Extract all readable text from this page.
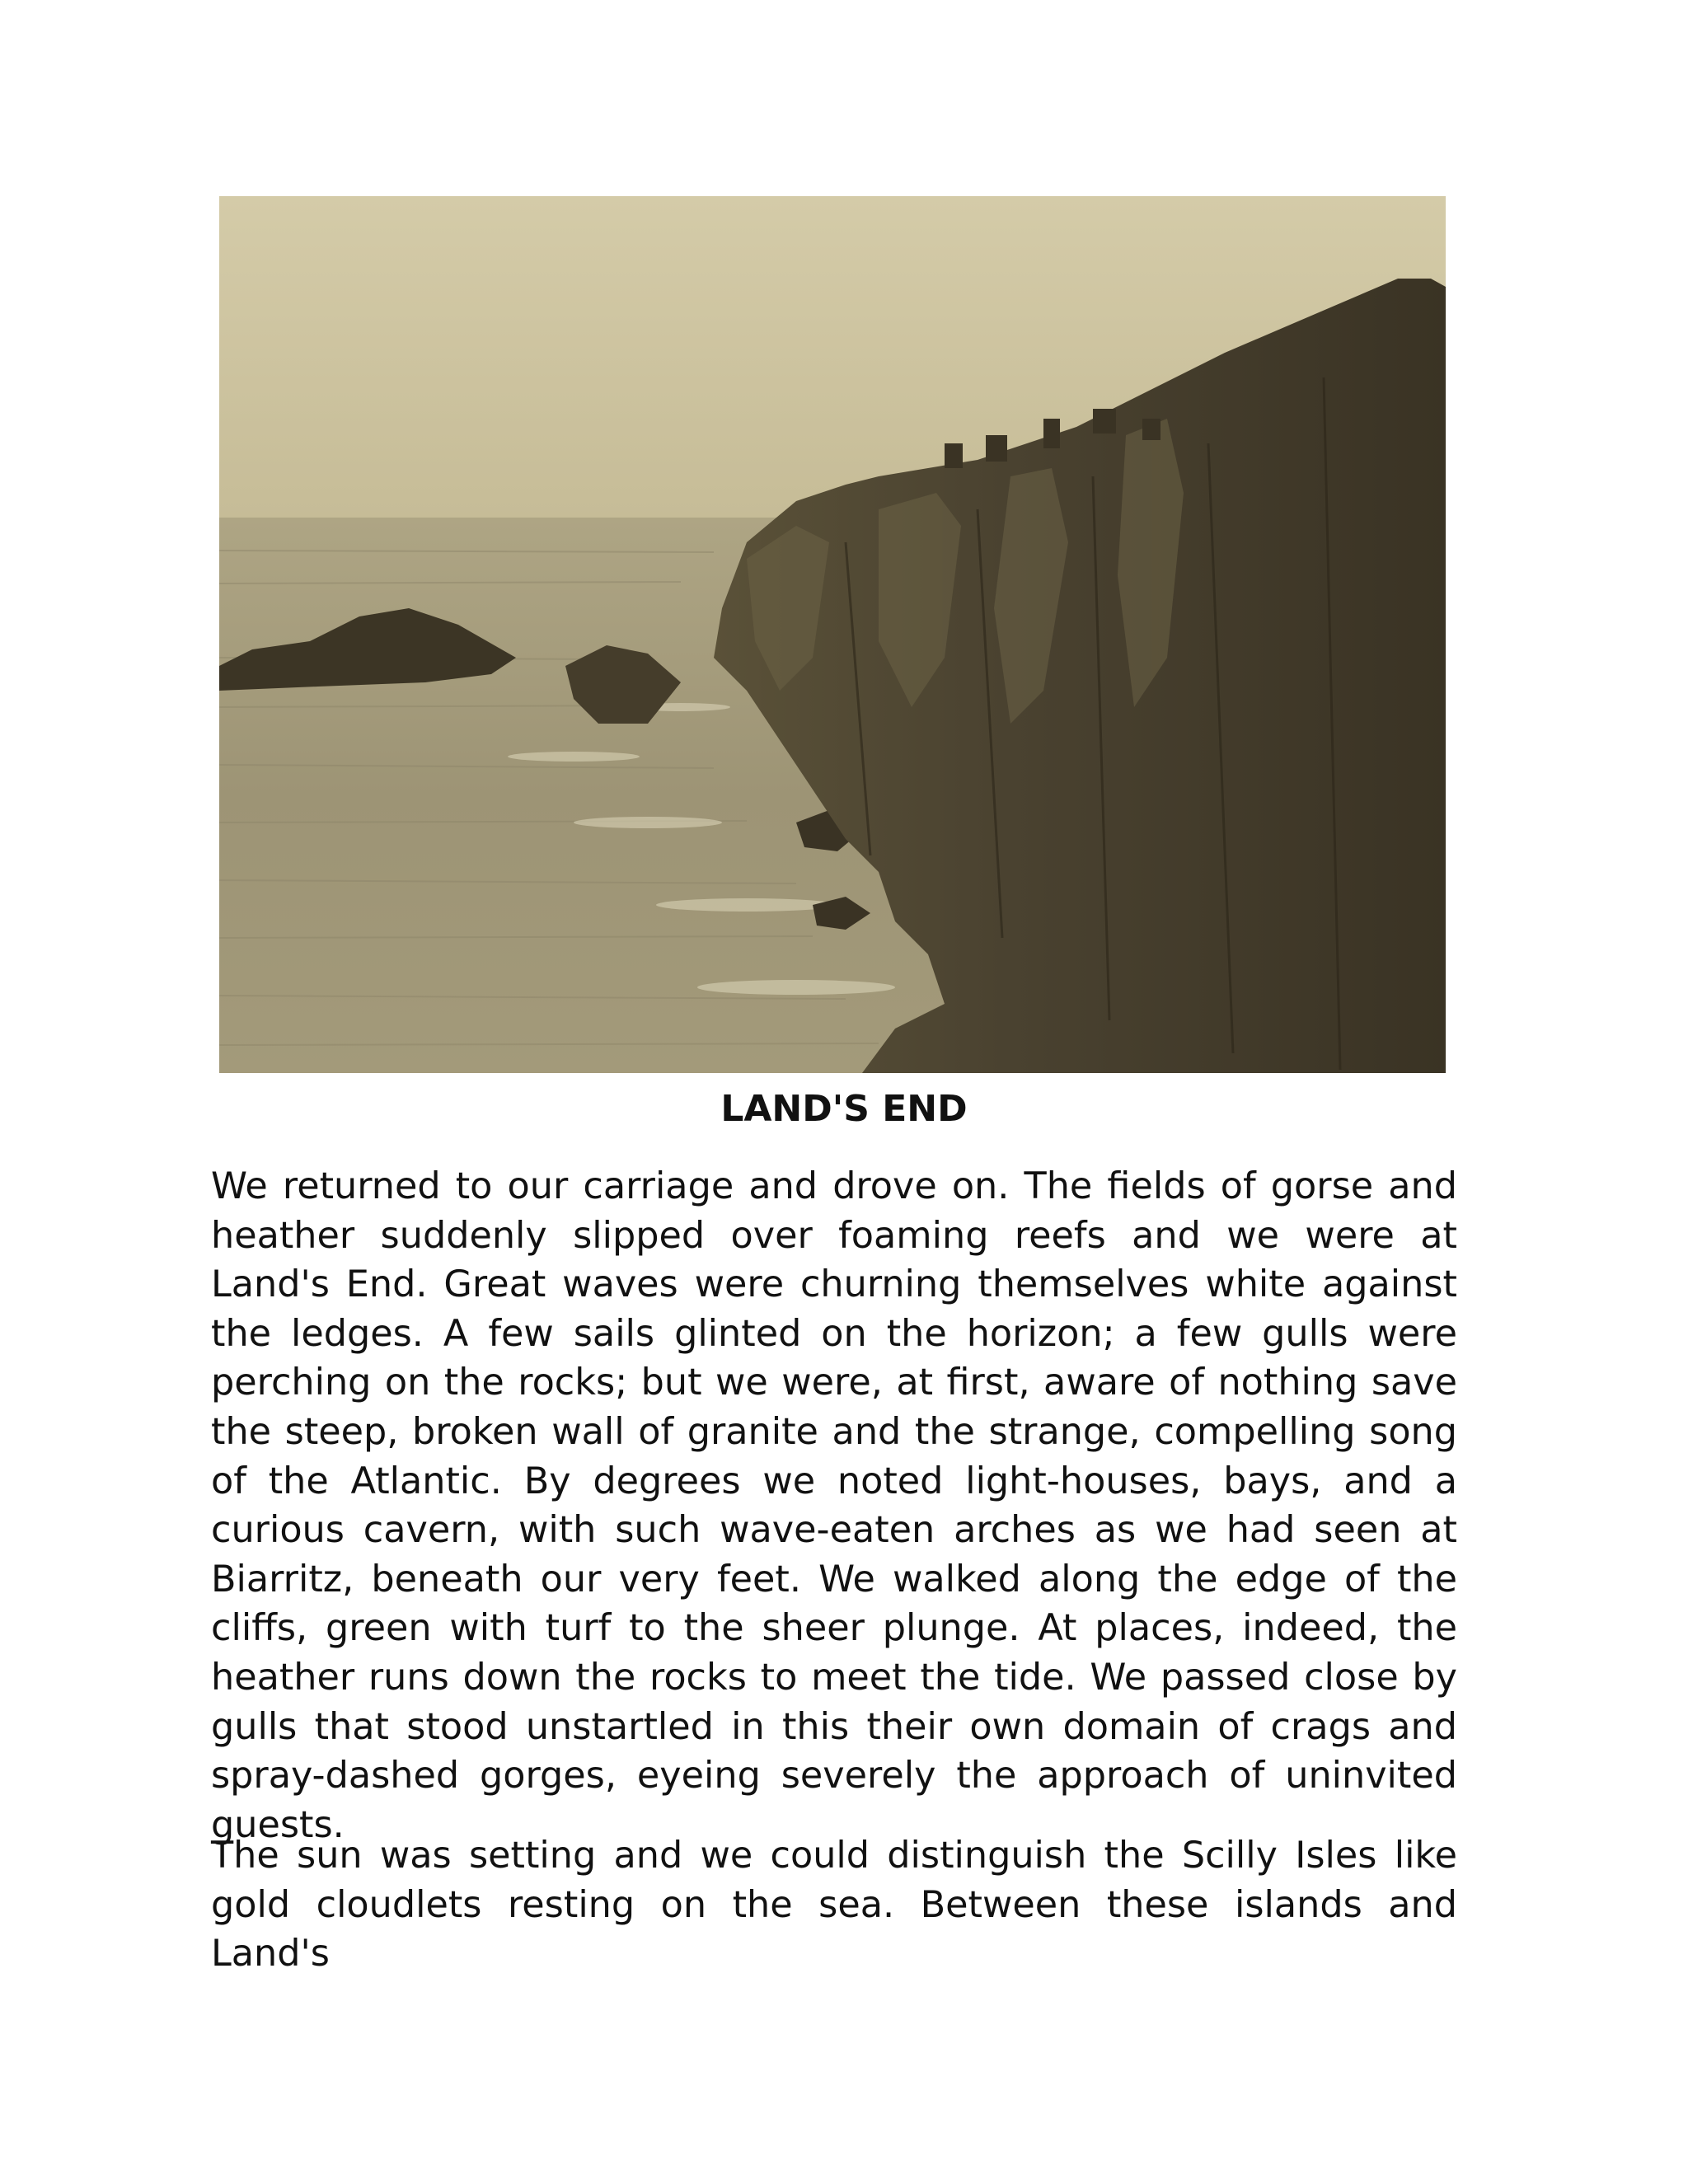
LAND'S END

We returned to our carriage and drove on. The fields of gorse and heather suddenly slipped over foaming reefs and we were at Land's End. Great waves were churning themselves white against the ledges. A few sails glinted on the horizon; a few gulls were perching on the rocks; but we were, at first, aware of nothing save the steep, broken wall of granite and the strange, compelling song of the Atlantic. By degrees we noted light-houses, bays, and a curious cavern, with such wave-eaten arches as we had seen at Biarritz, beneath our very feet. We walked along the edge of the cliffs, green with turf to the sheer plunge. At places, indeed, the heather runs down the rocks to meet the tide. We passed close by gulls that stood unstartled in this their own domain of crags and spray-dashed gorges, eyeing severely the approach of uninvited guests.

The sun was setting and we could distinguish the Scilly Isles like gold cloudlets resting on the sea. Between these islands and Land's
